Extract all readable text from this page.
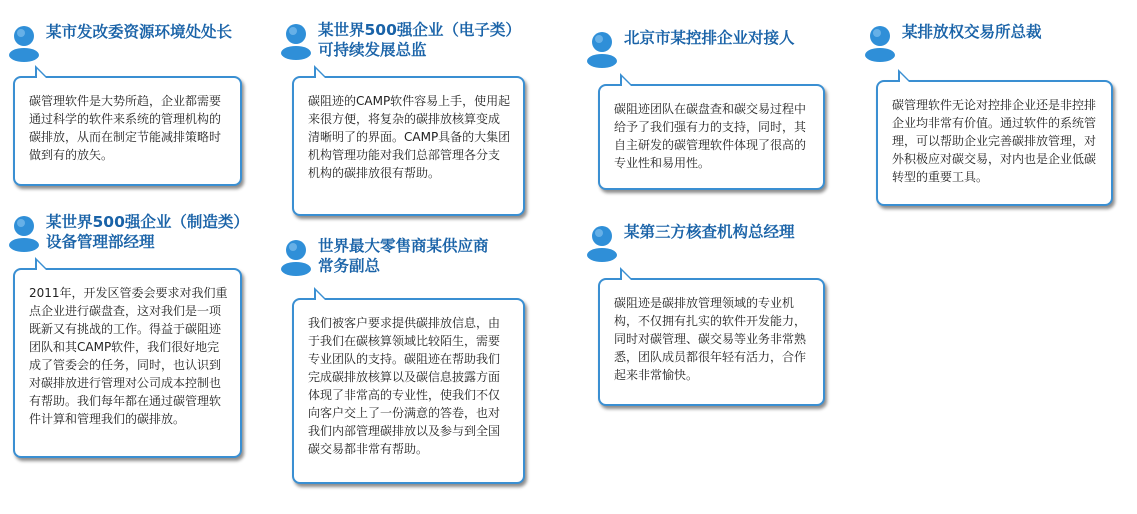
某市发改委资源环境处处长
碳管理软件是大势所趋，企业都需要通过科学的软件来系统的管理机构的碳排放，从而在制定节能减排策略时做到有的放矢。
某世界500强企业（电子类）
可持续发展总监
碳阻迹的CAMP软件容易上手，使用起来很方便，将复杂的碳排放核算变成清晰明了的界面。CAMP具备的大集团机构管理功能对我们总部管理各分支机构的碳排放很有帮助。
北京市某控排企业对接人
碳阻迹团队在碳盘查和碳交易过程中给予了我们强有力的支持，同时，其自主研发的碳管理软件体现了很高的专业性和易用性。
某排放权交易所总裁
碳管理软件无论对控排企业还是非控排企业均非常有价值。通过软件的系统管理，可以帮助企业完善碳排放管理，对外积极应对碳交易，对内也是企业低碳转型的重要工具。
某世界500强企业（制造类）
设备管理部经理
2011年，开发区管委会要求对我们重点企业进行碳盘查，这对我们是一项既新又有挑战的工作。得益于碳阻迹团队和其CAMP软件，我们很好地完成了管委会的任务，同时，也认识到对碳排放进行管理对公司成本控制也有帮助。我们每年都在通过碳管理软件计算和管理我们的碳排放。
世界最大零售商某供应商
常务副总
我们被客户要求提供碳排放信息，由于我们在碳核算领域比较陌生，需要专业团队的支持。碳阻迹在帮助我们完成碳排放核算以及碳信息披露方面体现了非常高的专业性，使我们不仅向客户交上了一份满意的答卷，也对我们内部管理碳排放以及参与到全国碳交易都非常有帮助。
某第三方核查机构总经理
碳阻迹是碳排放管理领域的专业机构，不仅拥有扎实的软件开发能力，同时对碳管理、碳交易等业务非常熟悉，团队成员都很年轻有活力，合作起来非常愉快。
